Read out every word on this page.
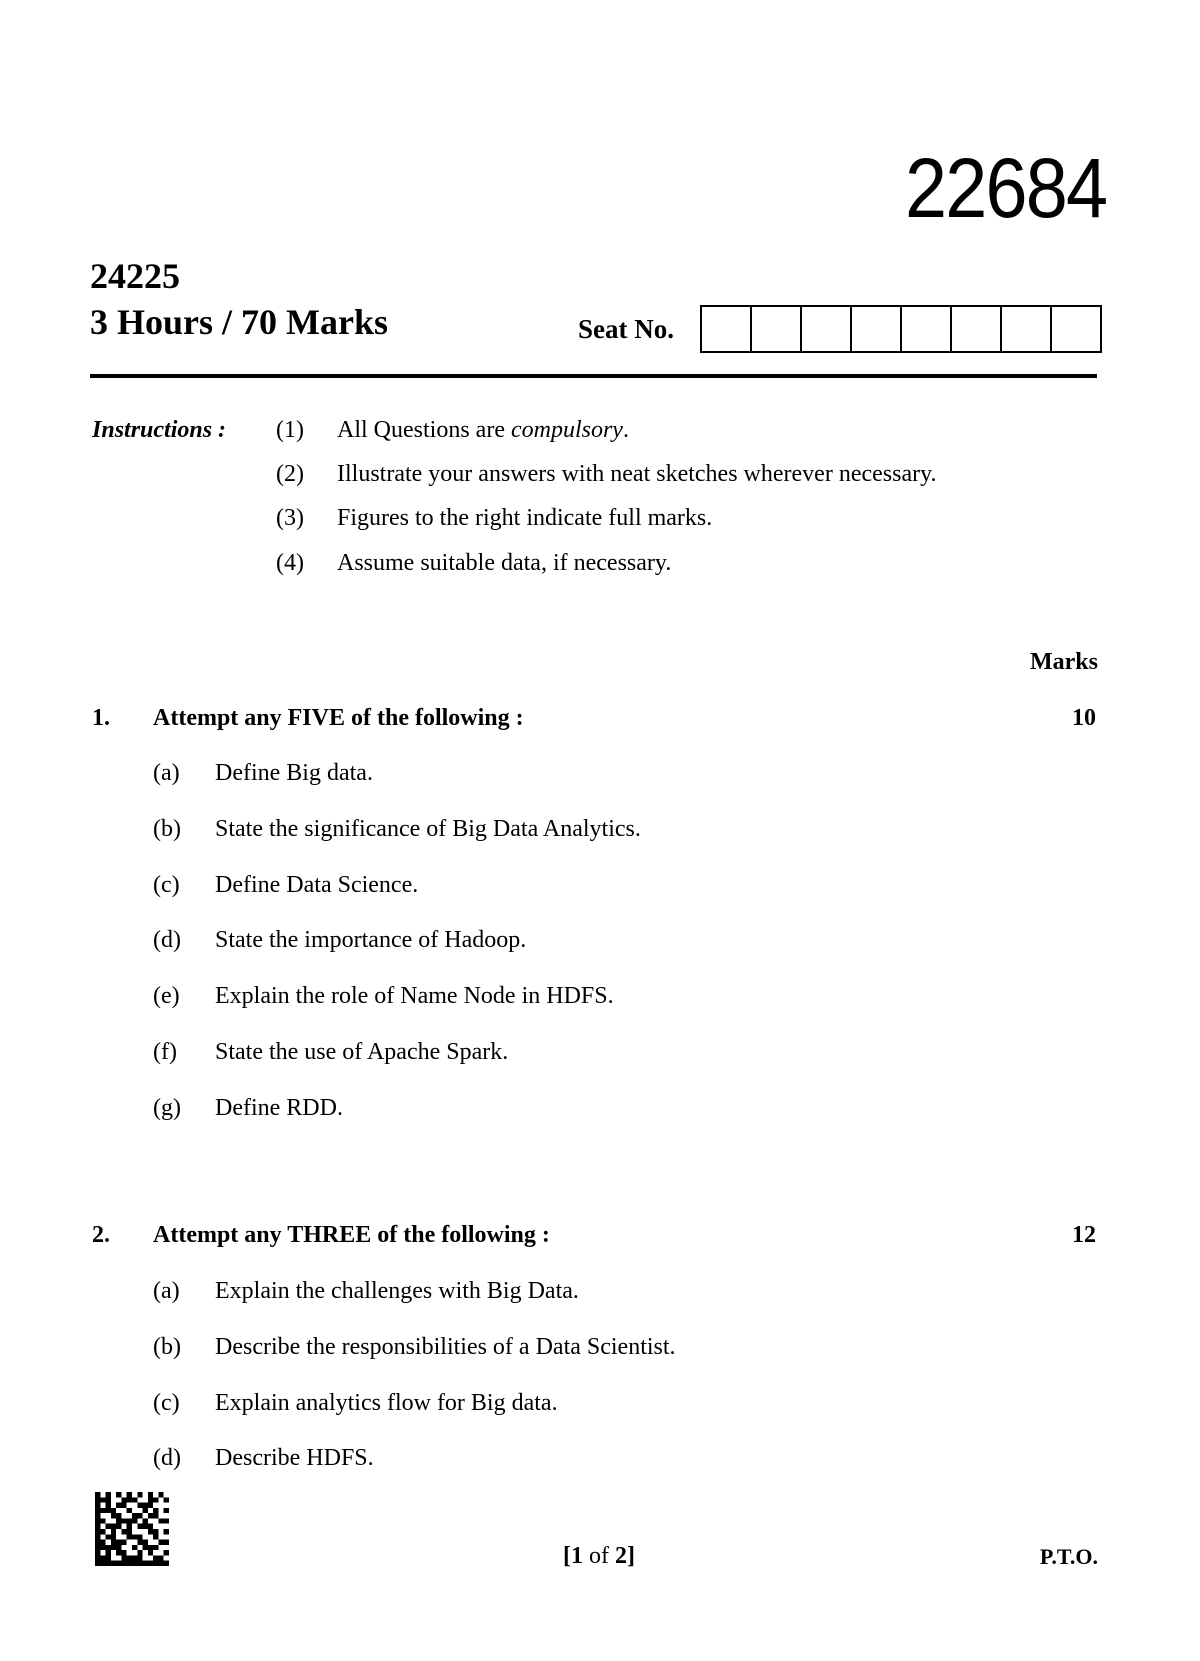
22684
24225
3 Hours / 70 Marks	Seat No.
Instructions : (1) All Questions are compulsory.
(2) Illustrate your answers with neat sketches wherever necessary.
(3) Figures to the right indicate full marks.
(4) Assume suitable data, if necessary.
Marks
1. Attempt any FIVE of the following :	10
(a) Define Big data.
(b) State the significance of Big Data Analytics.
(c) Define Data Science.
(d) State the importance of Hadoop.
(e) Explain the role of Name Node in HDFS.
(f) State the use of Apache Spark.
(g) Define RDD.
2. Attempt any THREE of the following :	12
(a) Explain the challenges with Big Data.
(b) Describe the responsibilities of a Data Scientist.
(c) Explain analytics flow for Big data.
(d) Describe HDFS.
[1 of 2]	P.T.O.
